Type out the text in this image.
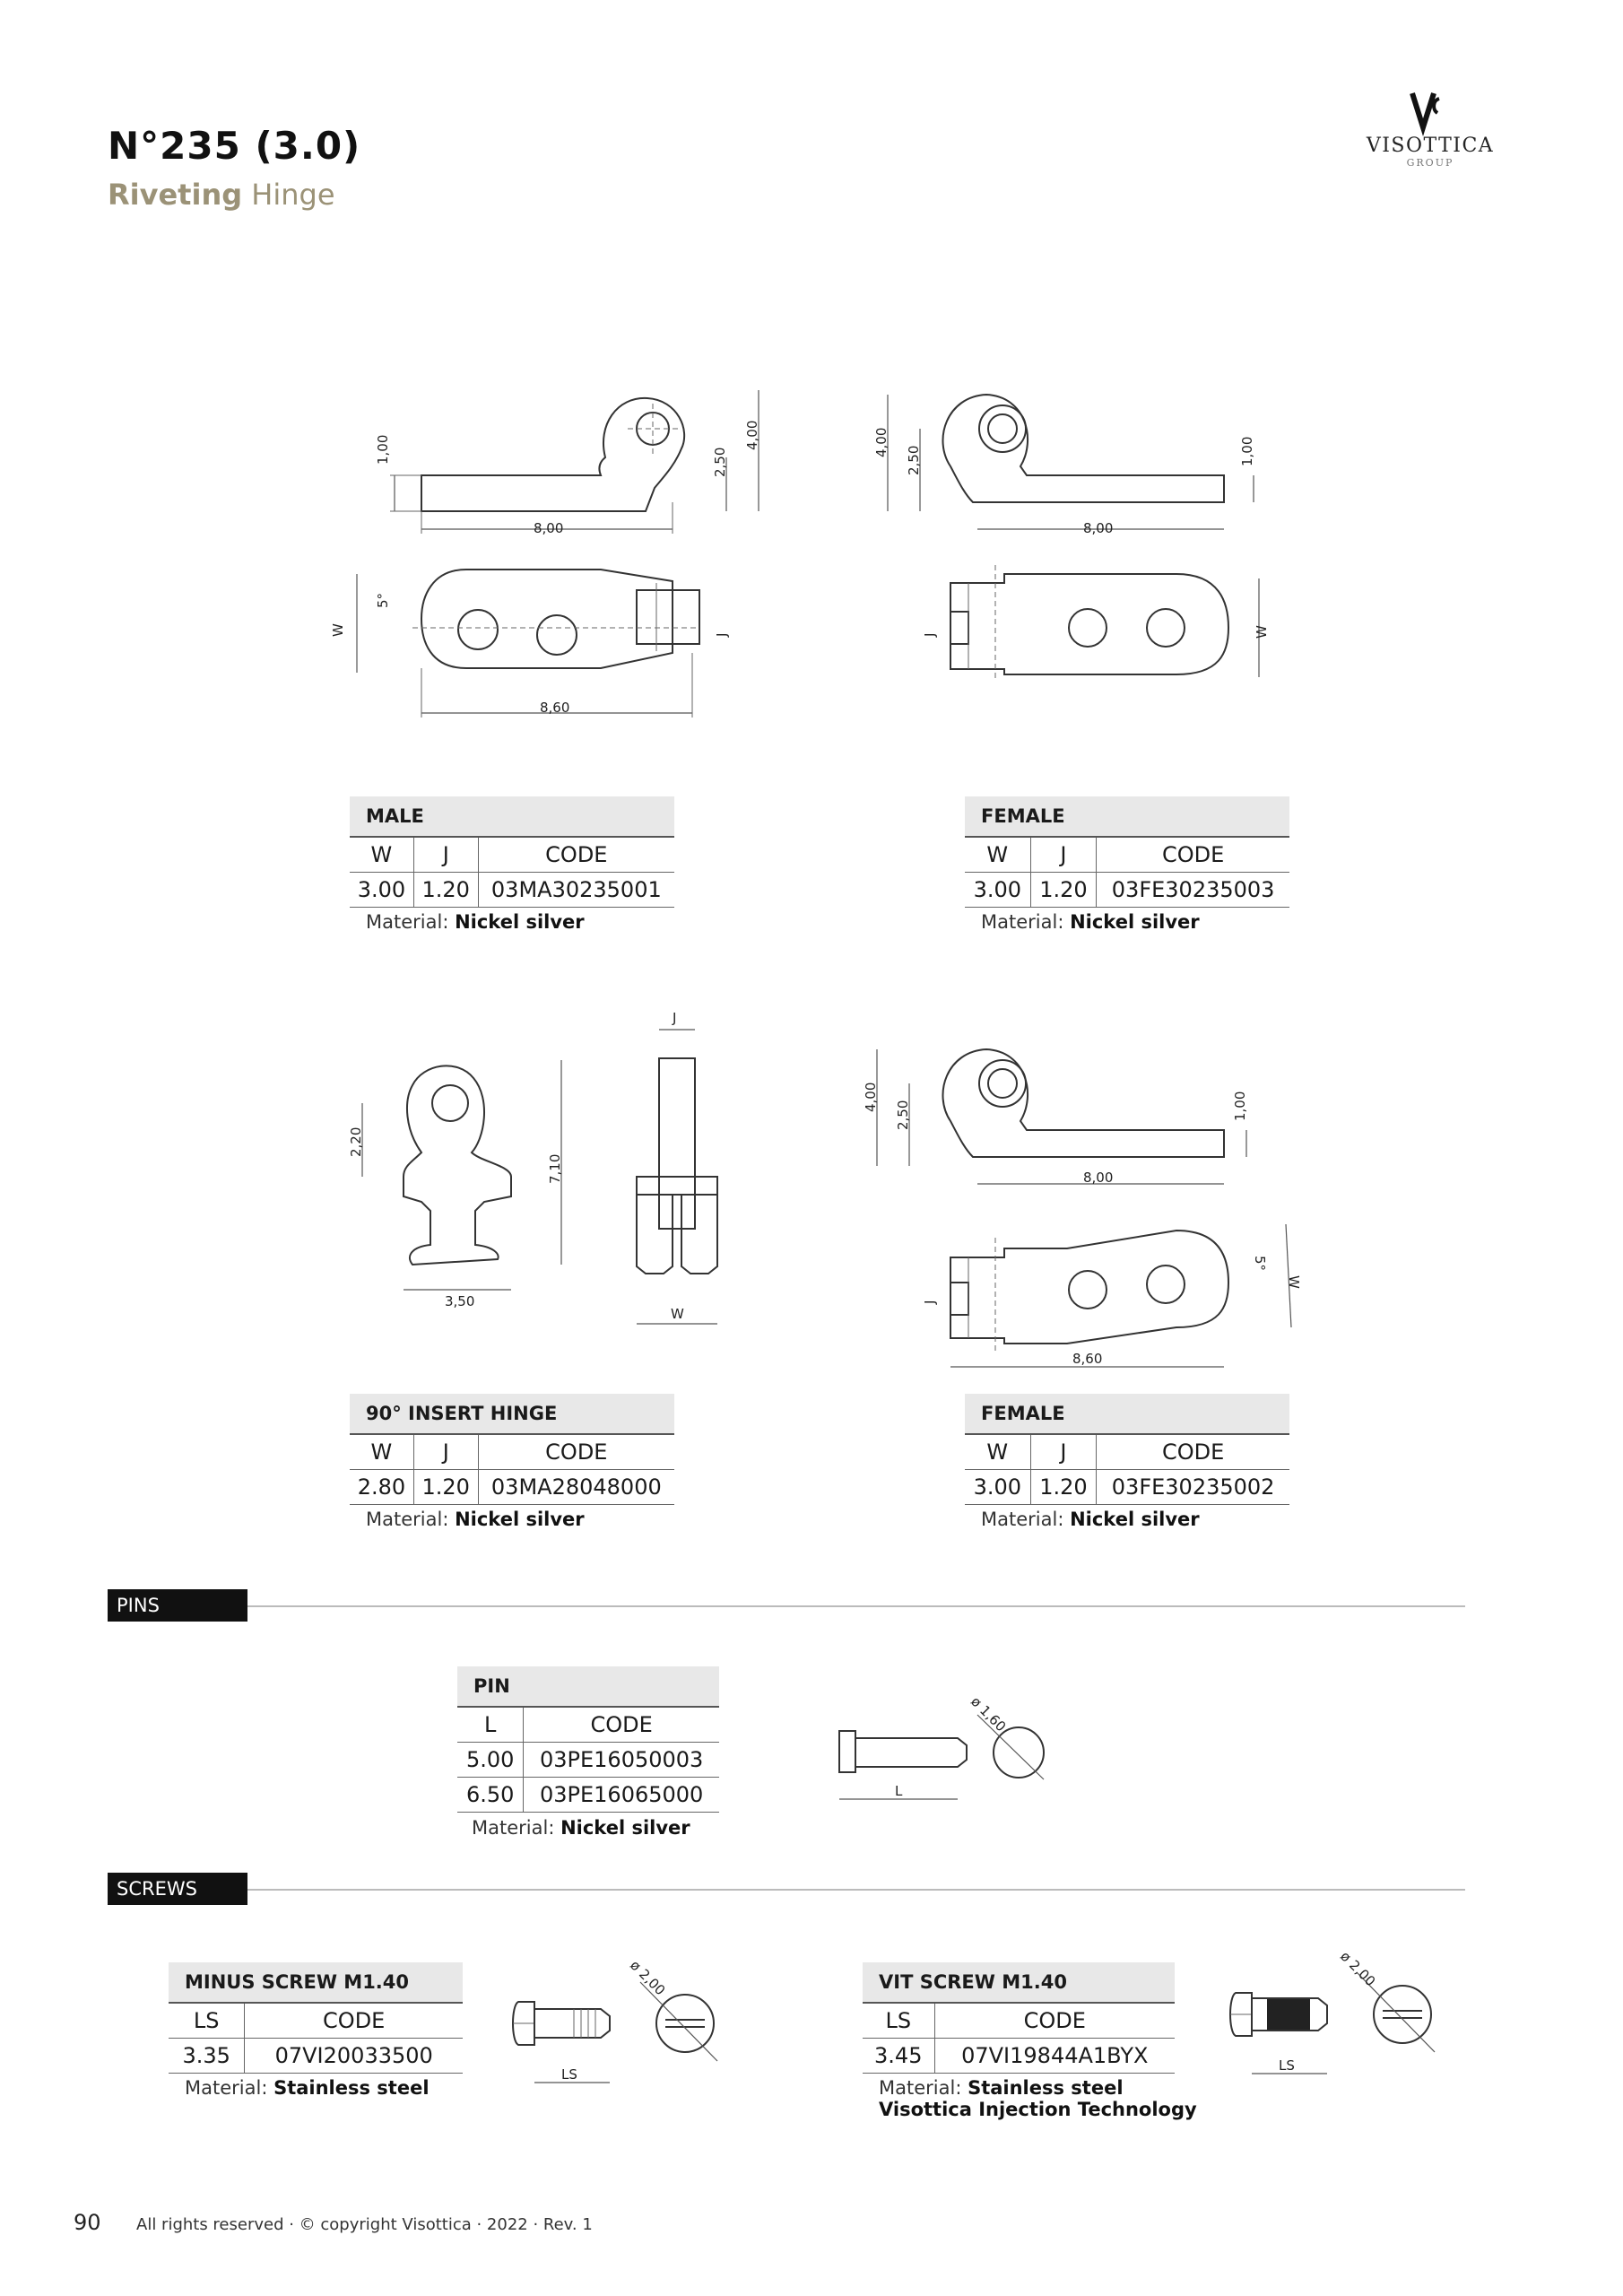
N°235 (3.0)
Riveting Hinge
VISOTTICA
GROUP
1,00	2,50
4,00
8,00
5°
W	J
8,60
4,00
2,50	1,00
8,00
J	W
MALE		
W	J	CODE
3.00	1.20	03MA30235001
Material: Nickel silver
FEMALE		
W	J	CODE
3.00	1.20	03FE30235003
Material: Nickel silver
2,20
7,10
3,50
J
W
4,00
2,50	1,00
8,00
5°
W
J
8,60
90° INSERT HINGE		
W	J	CODE
2.80	1.20	03MA28048000
Material: Nickel silver
FEMALE		
W	J	CODE
3.00	1.20	03FE30235002
Material: Nickel silver
PINS
PIN	
L	CODE
5.00	03PE16050003
6.50	03PE16065000
Material: Nickel silver
ø 1,60
L
SCREWS
MINUS SCREW M1.40	
LS	CODE
3.35	07VI20033500
Material: Stainless steel
ø 2,00
LS
VIT SCREW M1.40	
LS	CODE
3.45	07VI19844A1BYX
Material: Stainless steel
Visottica Injection Technology
ø 2,00
LS
90 All rights reserved · © copyright Visottica · 2022 · Rev. 1
